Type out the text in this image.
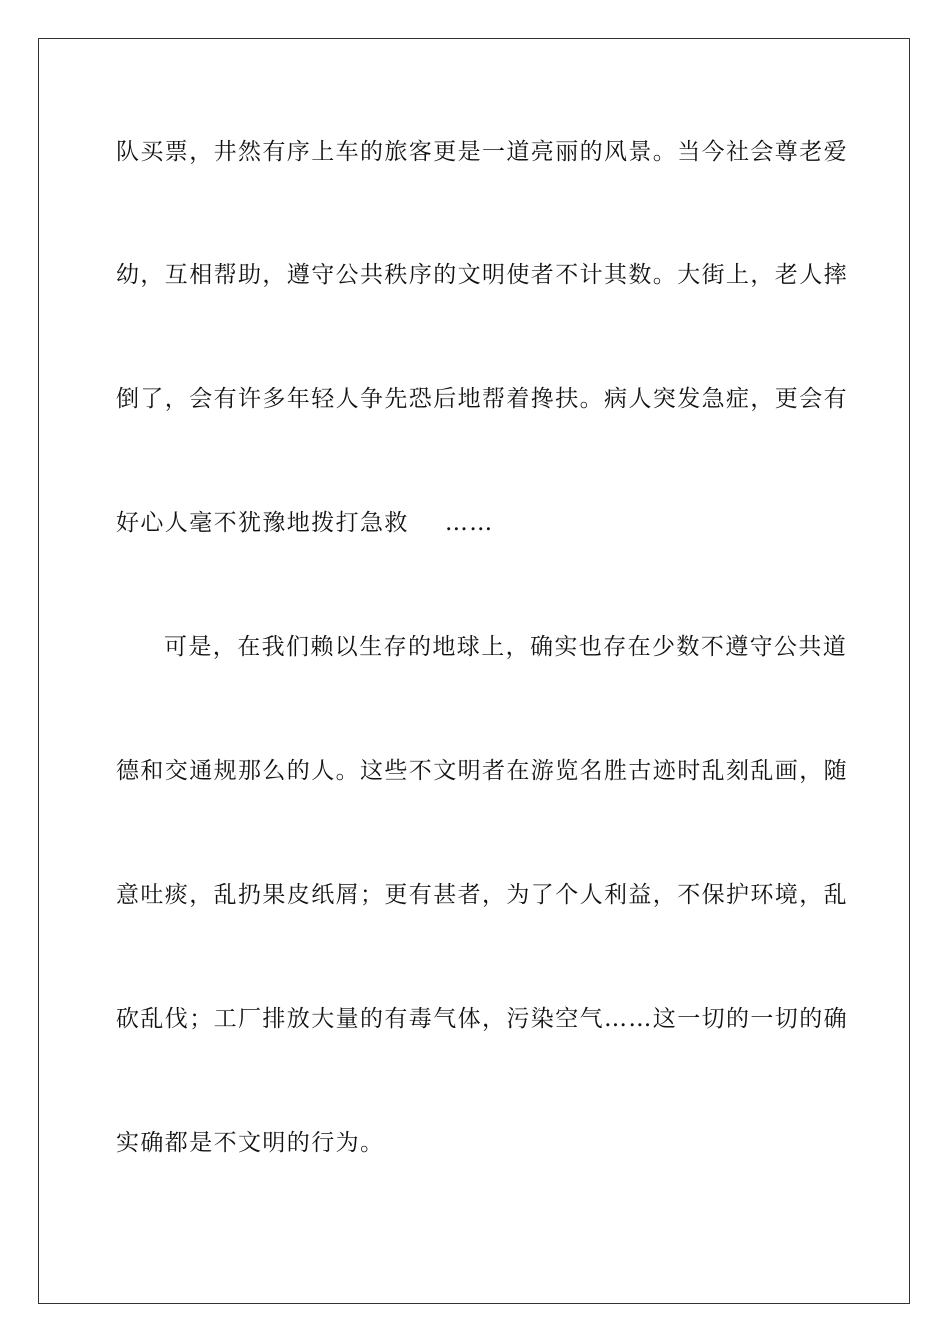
队买票，井然有序上车的旅客更是一道亮丽的风景。当今社会尊老爱

幼，互相帮助，遵守公共秩序的文明使者不计其数。大街上，老人摔

倒了，会有许多年轻人争先恐后地帮着搀扶。病人突发急症，更会有

好心人毫不犹豫地拨打急救 ……

可是，在我们赖以生存的地球上，确实也存在少数不遵守公共道

德和交通规那么的人。这些不文明者在游览名胜古迹时乱刻乱画，随

意吐痰，乱扔果皮纸屑；更有甚者，为了个人利益，不保护环境，乱

砍乱伐；工厂排放大量的有毒气体，污染空气……这一切的一切的确

实确都是不文明的行为。
